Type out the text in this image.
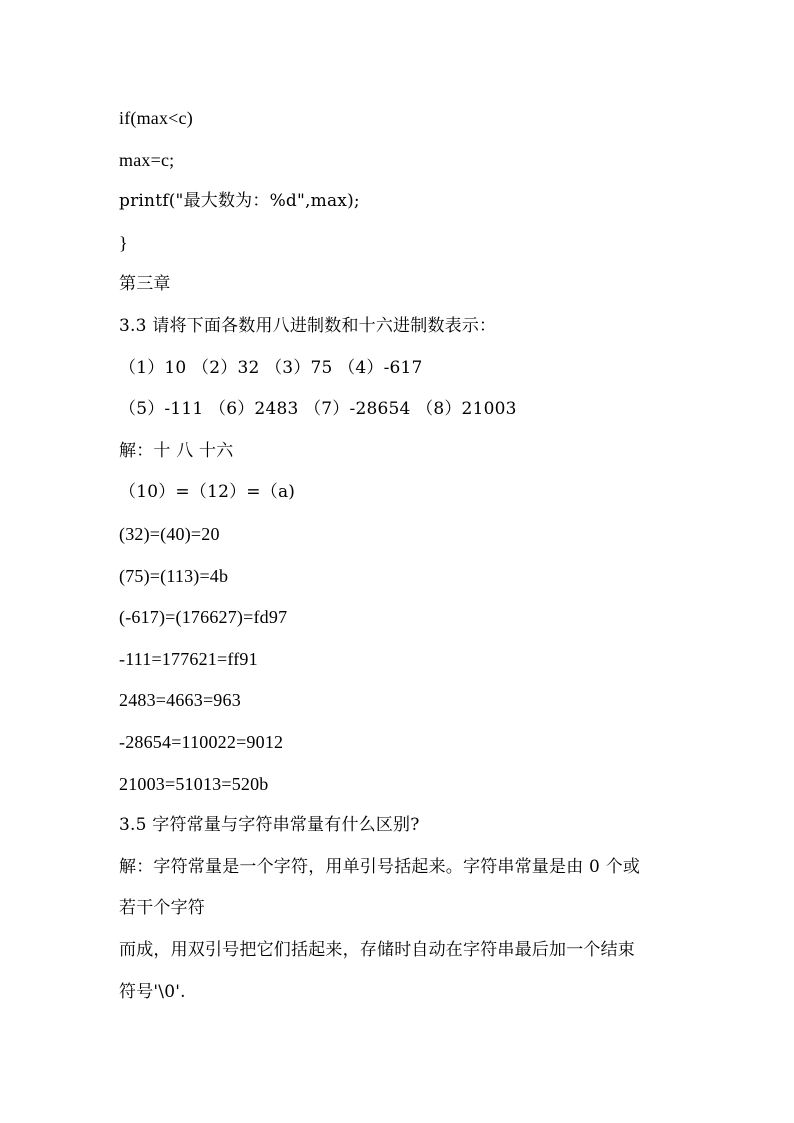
if(max<c)
max=c;
printf("最大数为：%d",max);
}
第三章
3.3 请将下面各数用八进制数和十六进制数表示：
（1）10 （2）32 （3）75 （4）-617
（5）-111 （6）2483 （7）-28654 （8）21003
解：十 八 十六
（10）=（12）=（a)
(32)=(40)=20
(75)=(113)=4b
(-617)=(176627)=fd97
-111=177621=ff91
2483=4663=963
-28654=110022=9012
21003=51013=520b
3.5 字符常量与字符串常量有什么区别?
解：字符常量是一个字符，用单引号括起来。字符串常量是由 0 个或
若干个字符
而成，用双引号把它们括起来，存储时自动在字符串最后加一个结束
符号'\0'.
